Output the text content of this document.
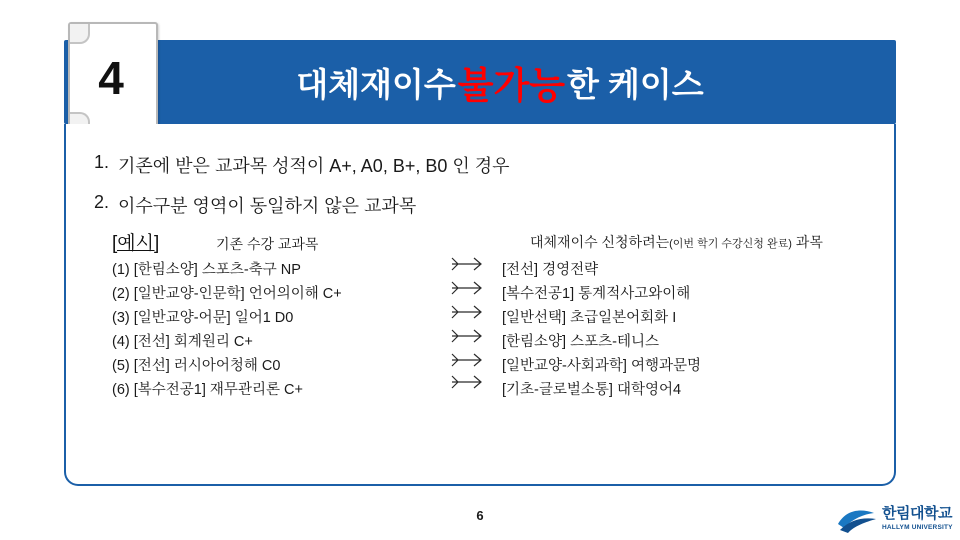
대체재이수 불가능 한 케이스
4
1. 기존에 받은 교과목 성적이 A+, A0, B+, B0 인 경우
2. 이수구분 영역이 동일하지 않은 교과목
[예시]	기존 수강 교과목	대체재이수 신청하려는(이번 학기 수강신청 완료) 과목
(1) [한림소양] 스포츠-축구 NP	[전선] 경영전략
(2) [일반교양-인문학] 언어의이해 C+	[복수전공1] 통계적사고와이해
(3) [일반교양-어문] 일어1 D0	[일반선택] 초급일본어회화 I
(4) [전선] 회계원리 C+	[한림소양] 스포츠-테니스
(5) [전선] 러시아어청해 C0	[일반교양-사회과학] 여행과문명
(6) [복수전공1] 재무관리론 C+	[기초-글로벌소통] 대학영어4
6	한림대학교
HALLYM UNIVERSITY
